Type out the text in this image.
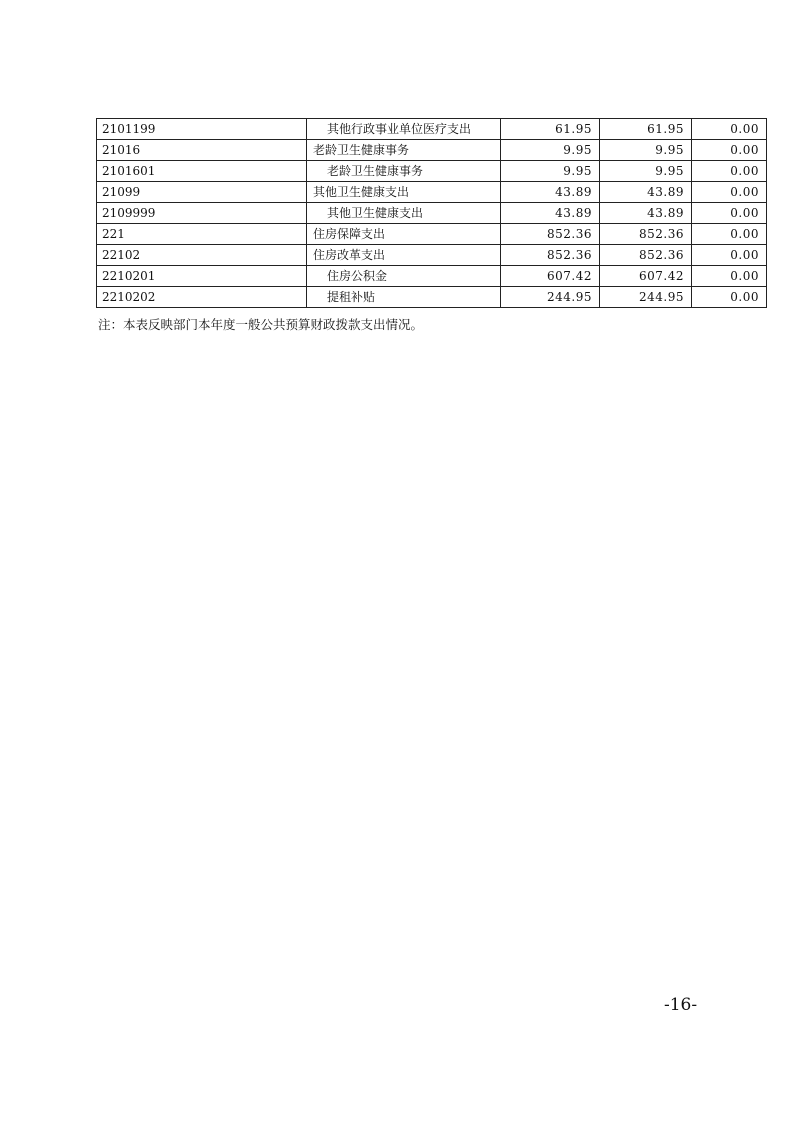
2101199	其他行政事业单位医疗支出	61.95	61.95	0.00
21016	老龄卫生健康事务	9.95	9.95	0.00
2101601	老龄卫生健康事务	9.95	9.95	0.00
21099	其他卫生健康支出	43.89	43.89	0.00
2109999	其他卫生健康支出	43.89	43.89	0.00
221	住房保障支出	852.36	852.36	0.00
22102	住房改革支出	852.36	852.36	0.00
2210201	住房公积金	607.42	607.42	0.00
2210202	提租补贴	244.95	244.95	0.00
注：本表反映部门本年度一般公共预算财政拨款支出情况。
-16-
